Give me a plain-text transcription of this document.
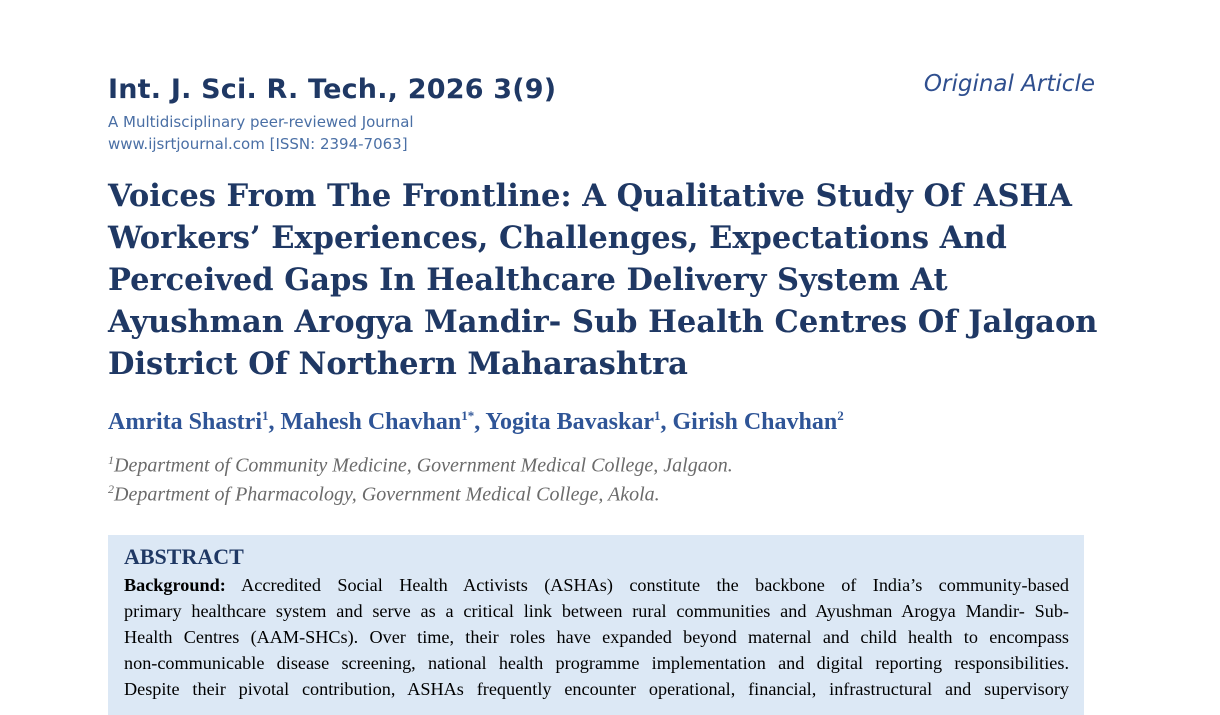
Int. J. Sci. R. Tech., 2026 3(9)	Original Article
A Multidisciplinary peer-reviewed Journal
www.ijsrtjournal.com [ISSN: 2394-7063]
Voices From The Frontline: A Qualitative Study Of ASHA
Workers’ Experiences, Challenges, Expectations And
Perceived Gaps In Healthcare Delivery System At
Ayushman Arogya Mandir- Sub Health Centres Of Jalgaon
District Of Northern Maharashtra
Amrita Shastri$^1$, Mahesh Chavhan$^{1*}$, Yogita Bavaskar$^1$, Girish Chavhan$^2$
$^1$Department of Community Medicine, Government Medical College, Jalgaon.
$^2$Department of Pharmacology, Government Medical College, Akola.
ABSTRACT
Background: Accredited Social Health Activists (ASHAs) constitute the backbone of India’s community-based
primary healthcare system and serve as a critical link between rural communities and Ayushman Arogya Mandir- Sub-
Health Centres (AAM-SHCs). Over time, their roles have expanded beyond maternal and child health to encompass
non-communicable disease screening, national health programme implementation and digital reporting responsibilities.
Despite their pivotal contribution, ASHAs frequently encounter operational, financial, infrastructural and supervisory
